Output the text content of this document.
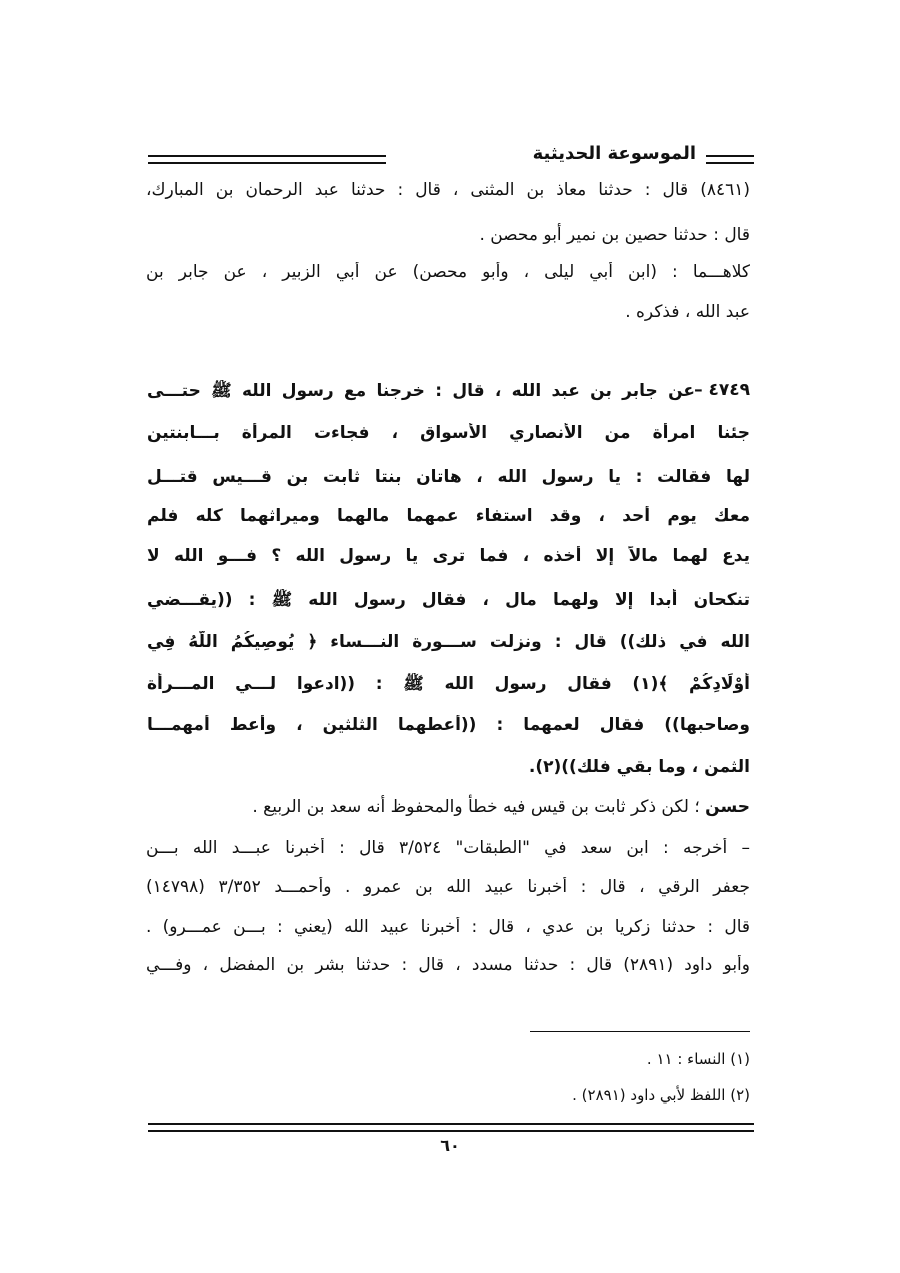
الموسوعة الحديثية
(٨٤٦١) قال : حدثنا معاذ بن المثنى ، قال : حدثنا عبد الرحمان بن المبارك،
قال : حدثنا حصين بن نمير أبو محصن .
كلاهـــما : (ابن أبي ليلى ، وأبو محصن) عن أبي الزبير ، عن جابر بن
عبد الله ، فذكره .
٤٧٤٩ –
عن جابر بن عبد الله ، قال : خرجنا مع رسول الله ﷺ حتـــى
جئنا امرأة من الأنصاري الأسواق ، فجاءت المرأة بـــابنتين
لها فقالت : يا رسول الله ، هاتان بنتا ثابت بن قـــيس قتـــل
معك يوم أحد ، وقد استفاء عمهما مالهما وميراثهما كله فلم
يدع لهما مالاً إلا أخذه ، فما ترى يا رسول الله ؟ فـــو الله لا
تنكحان أبدا إلا ولهما مال ، فقال رسول الله ﷺ : ((يقـــضي
الله في ذلك)) قال : ونزلت ســـورة النـــساء ﴿ يُوصِيكُمُ اللَّهُ فِي
أَوْلَادِكُمْ ﴾(١) فقال رسول الله ﷺ : ((ادعوا لـــي المـــرأة
وصاحبها)) فقال لعمهما : ((أعطهما الثلثين ، وأعط أمهمـــا
الثمن ، وما بقي فلك))(٢).
حسن ؛ لكن ذكر ثابت بن قيس فيه خطأ والمحفوظ أنه سعد بن الربيع .
– أخرجه : ابن سعد في "الطبقات" ٣/٥٢٤ قال : أخبرنا عبـــد الله بـــن
جعفر الرقي ، قال : أخبرنا عبيد الله بن عمرو . وأحمـــد ٣/٣٥٢ (١٤٧٩٨)
قال : حدثنا زكريا بن عدي ، قال : أخبرنا عبيد الله (يعني : بـــن عمـــرو) .
وأبو داود (٢٨٩١) قال : حدثنا مسدد ، قال : حدثنا بشر بن المفضل ، وفـــي
(١) النساء : ١١ .
(٢) اللفظ لأبي داود (٢٨٩١) .
٦٠
